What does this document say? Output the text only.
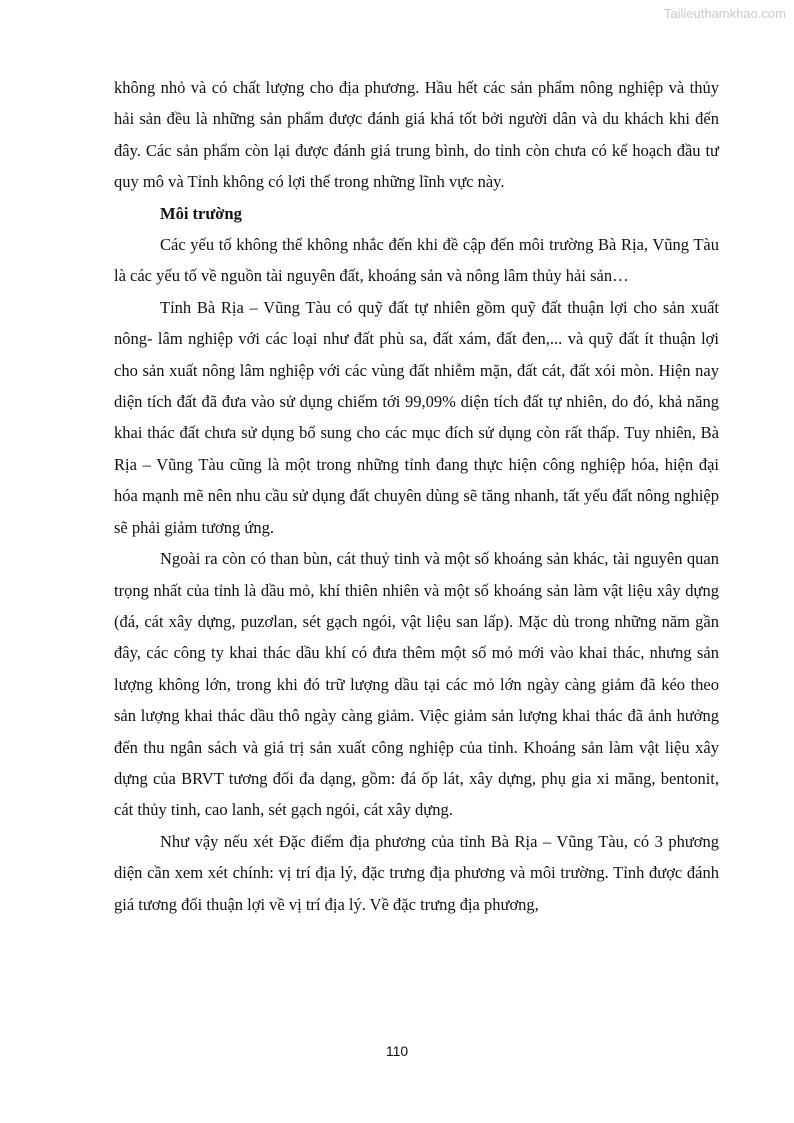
Tailieuthamkhao.com

không nhỏ và có chất lượng cho địa phương. Hầu hết các sản phẩm nông nghiệp và thủy hải sản đều là những sản phẩm được đánh giá khá tốt bởi người dân và du khách khi đến đây. Các sản phẩm còn lại được đánh giá trung bình, do tỉnh còn chưa có kế hoạch đầu tư quy mô và Tỉnh không có lợi thế trong những lĩnh vực này.

Môi trường

Các yếu tố không thể không nhắc đến khi đề cập đến môi trường Bà Rịa, Vũng Tàu là các yếu tố về nguồn tài nguyên đất, khoáng sản và nông lâm thủy hải sản…

Tỉnh Bà Rịa – Vũng Tàu có quỹ đất tự nhiên gồm quỹ đất thuận lợi cho sản xuất nông- lâm nghiệp với các loại như đất phù sa, đất xám, đất đen,... và quỹ đất ít thuận lợi cho sản xuất nông lâm nghiệp với các vùng đất nhiễm mặn, đất cát, đất xói mòn. Hiện nay diện tích đất đã đưa vào sử dụng chiếm tới 99,09% diện tích đất tự nhiên, do đó, khả năng khai thác đất chưa sử dụng bổ sung cho các mục đích sử dụng còn rất thấp. Tuy nhiên, Bà Rịa – Vũng Tàu cũng là một trong những tỉnh đang thực hiện công nghiệp hóa, hiện đại hóa mạnh mẽ nên nhu cầu sử dụng đất chuyên dùng sẽ tăng nhanh, tất yếu đất nông nghiệp sẽ phải giảm tương ứng.

Ngoài ra còn có than bùn, cát thuỷ tinh và một số khoáng sản khác, tài nguyên quan trọng nhất của tỉnh là dầu mỏ, khí thiên nhiên và một số khoáng sản làm vật liệu xây dựng (đá, cát xây dựng, puzơlan, sét gạch ngói, vật liệu san lấp). Mặc dù trong những năm gần đây, các công ty khai thác dầu khí có đưa thêm một số mỏ mới vào khai thác, nhưng sản lượng không lớn, trong khi đó trữ lượng dầu tại các mỏ lớn ngày càng giảm đã kéo theo sản lượng khai thác dầu thô ngày càng giảm. Việc giảm sản lượng khai thác đã ảnh hưởng đến thu ngân sách và giá trị sản xuất công nghiệp của tỉnh. Khoáng sản làm vật liệu xây dựng của BRVT tương đối đa dạng, gồm: đá ốp lát, xây dựng, phụ gia xi măng, bentonit, cát thủy tinh, cao lanh, sét gạch ngói, cát xây dựng.

Như vậy nếu xét Đặc điểm địa phương của tỉnh Bà Rịa – Vũng Tàu, có 3 phương diện cần xem xét chính: vị trí địa lý, đặc trưng địa phương và môi trường. Tỉnh được đánh giá tương đối thuận lợi về vị trí địa lý. Về đặc trưng địa phương,

110
